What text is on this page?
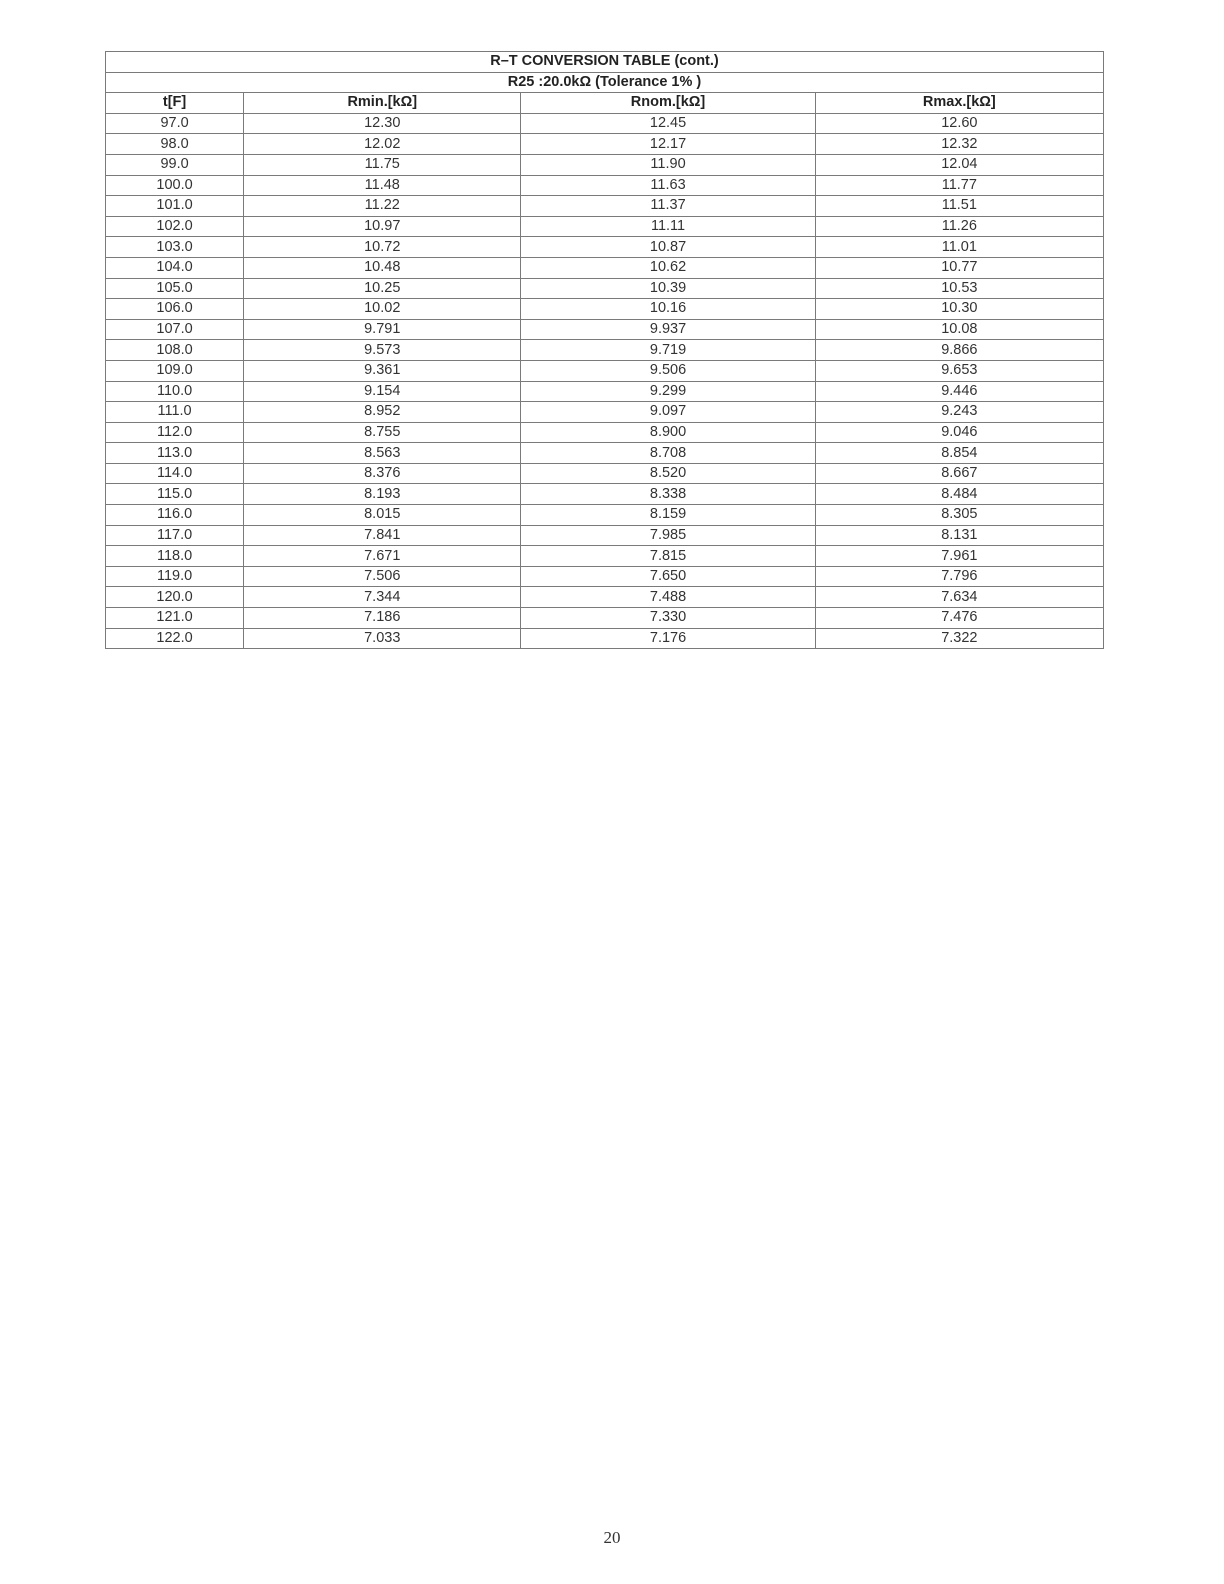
R–T CONVERSION TABLE (cont.)			
R25 :20.0kΩ (Tolerance 1% )			
t[F]	Rmin.[kΩ]	Rnom.[kΩ]	Rmax.[kΩ]
97.0	12.30	12.45	12.60
98.0	12.02	12.17	12.32
99.0	11.75	11.90	12.04
100.0	11.48	11.63	11.77
101.0	11.22	11.37	11.51
102.0	10.97	11.11	11.26
103.0	10.72	10.87	11.01
104.0	10.48	10.62	10.77
105.0	10.25	10.39	10.53
106.0	10.02	10.16	10.30
107.0	9.791	9.937	10.08
108.0	9.573	9.719	9.866
109.0	9.361	9.506	9.653
110.0	9.154	9.299	9.446
111.0	8.952	9.097	9.243
112.0	8.755	8.900	9.046
113.0	8.563	8.708	8.854
114.0	8.376	8.520	8.667
115.0	8.193	8.338	8.484
116.0	8.015	8.159	8.305
117.0	7.841	7.985	8.131
118.0	7.671	7.815	7.961
119.0	7.506	7.650	7.796
120.0	7.344	7.488	7.634
121.0	7.186	7.330	7.476
122.0	7.033	7.176	7.322
20
